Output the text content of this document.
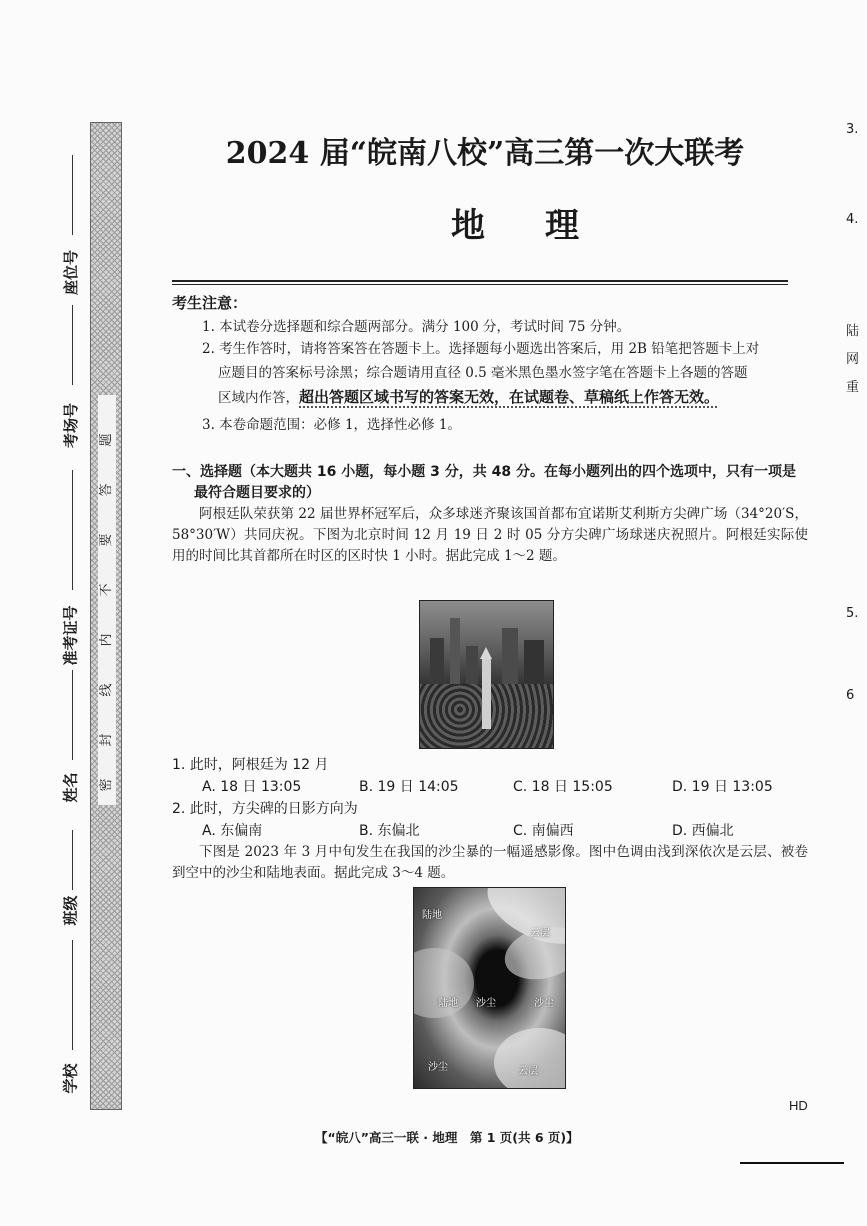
题
答
要
不
内
线
封
密
座位号
考场号
准考证号
姓名
班级
学校
3.
4.
陆
网
重
5.
6
2024 届“皖南八校”高三第一次大联考
地理
考生注意：
1. 本试卷分选择题和综合题两部分。满分 100 分，考试时间 75 分钟。
2. 考生作答时，请将答案答在答题卡上。选择题每小题选出答案后，用 2B 铅笔把答题卡上对
应题目的答案标号涂黑；综合题请用直径 0.5 毫米黑色墨水签字笔在答题卡上各题的答题
区域内作答，超出答题区域书写的答案无效，在试题卷、草稿纸上作答无效。
3. 本卷命题范围：必修 1，选择性必修 1。
一、选择题（本大题共 16 小题，每小题 3 分，共 48 分。在每小题列出的四个选项中，只有一项是
最符合题目要求的）
阿根廷队荣获第 22 届世界杯冠军后，众多球迷齐聚该国首都布宜诺斯艾利斯方尖碑广场（34°20′S，58°30′W）共同庆祝。下图为北京时间 12 月 19 日 2 时 05 分方尖碑广场球迷庆祝照片。阿根廷实际使用的时间比其首都所在时区的区时快 1 小时。据此完成 1～2 题。
1. 此时，阿根廷为 12 月
A. 18 日 13:05	B. 19 日 14:05	C. 18 日 15:05	D. 19 日 13:05
2. 此时，方尖碑的日影方向为
A. 东偏南	B. 东偏北	C. 南偏西	D. 西偏北
下图是 2023 年 3 月中旬发生在我国的沙尘暴的一幅遥感影像。图中色调由浅到深依次是云层、被卷到空中的沙尘和陆地表面。据此完成 3～4 题。
陆地
云层
陆地 沙尘	沙尘
沙尘	云层
HD
【“皖八”高三一联 · 地理　第 1 页(共 6 页)】
